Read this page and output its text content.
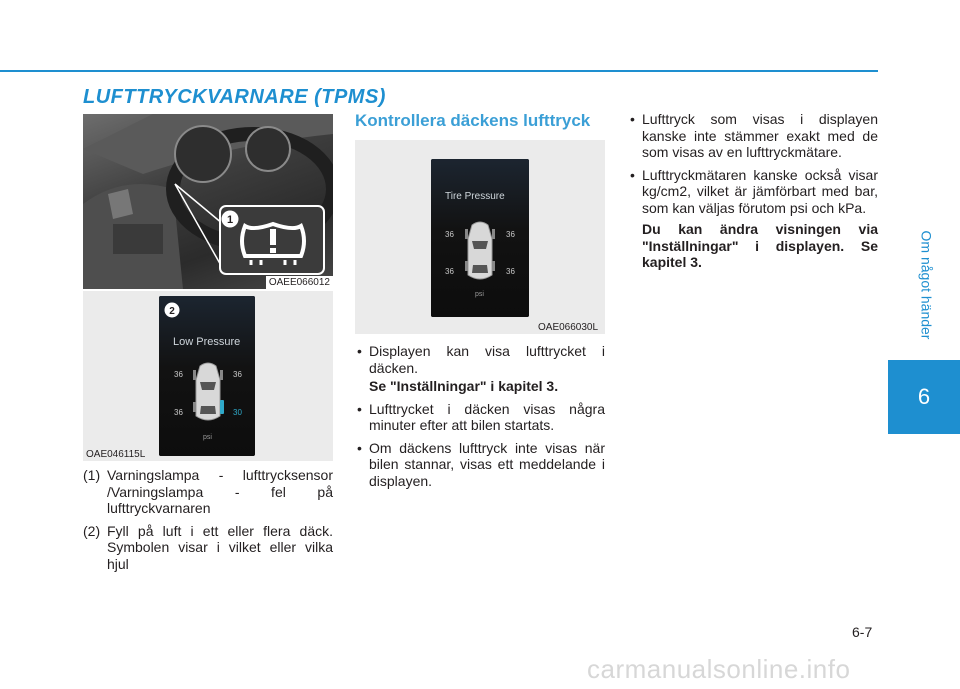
Om något händer
6
LUFTTRYCKVARNARE (TPMS)
1
OAEE066012
2
Low Pressure
36	36
36	30
psi
OAE046115L
(1) Varningslampa - lufttrycksensor /Varningslampa - fel på lufttryckvarnaren
(2) Fyll på luft i ett eller flera däck. Symbolen visar i vilket eller vilka hjul
Kontrollera däckens lufttryck
Tire Pressure
36	36
36	36
psi
OAE066030L
• Displayen kan visa lufttrycket i däcken.
Se "Inställningar" i kapitel 3.
• Lufttrycket i däcken visas några minuter efter att bilen startats.
• Om däckens lufttryck inte visas när bilen stannar, visas ett meddelande i displayen.
• Lufttryck som visas i displayen kanske inte stämmer exakt med de som visas av en lufttryckmätare.
• Lufttryckmätaren kanske också visar kg/cm2, vilket är jämförbart med bar, som kan väljas förutom psi och kPa.
Du kan ändra visningen via "Inställningar" i displayen. Se kapitel 3.
6-7
carmanualsonline.info
